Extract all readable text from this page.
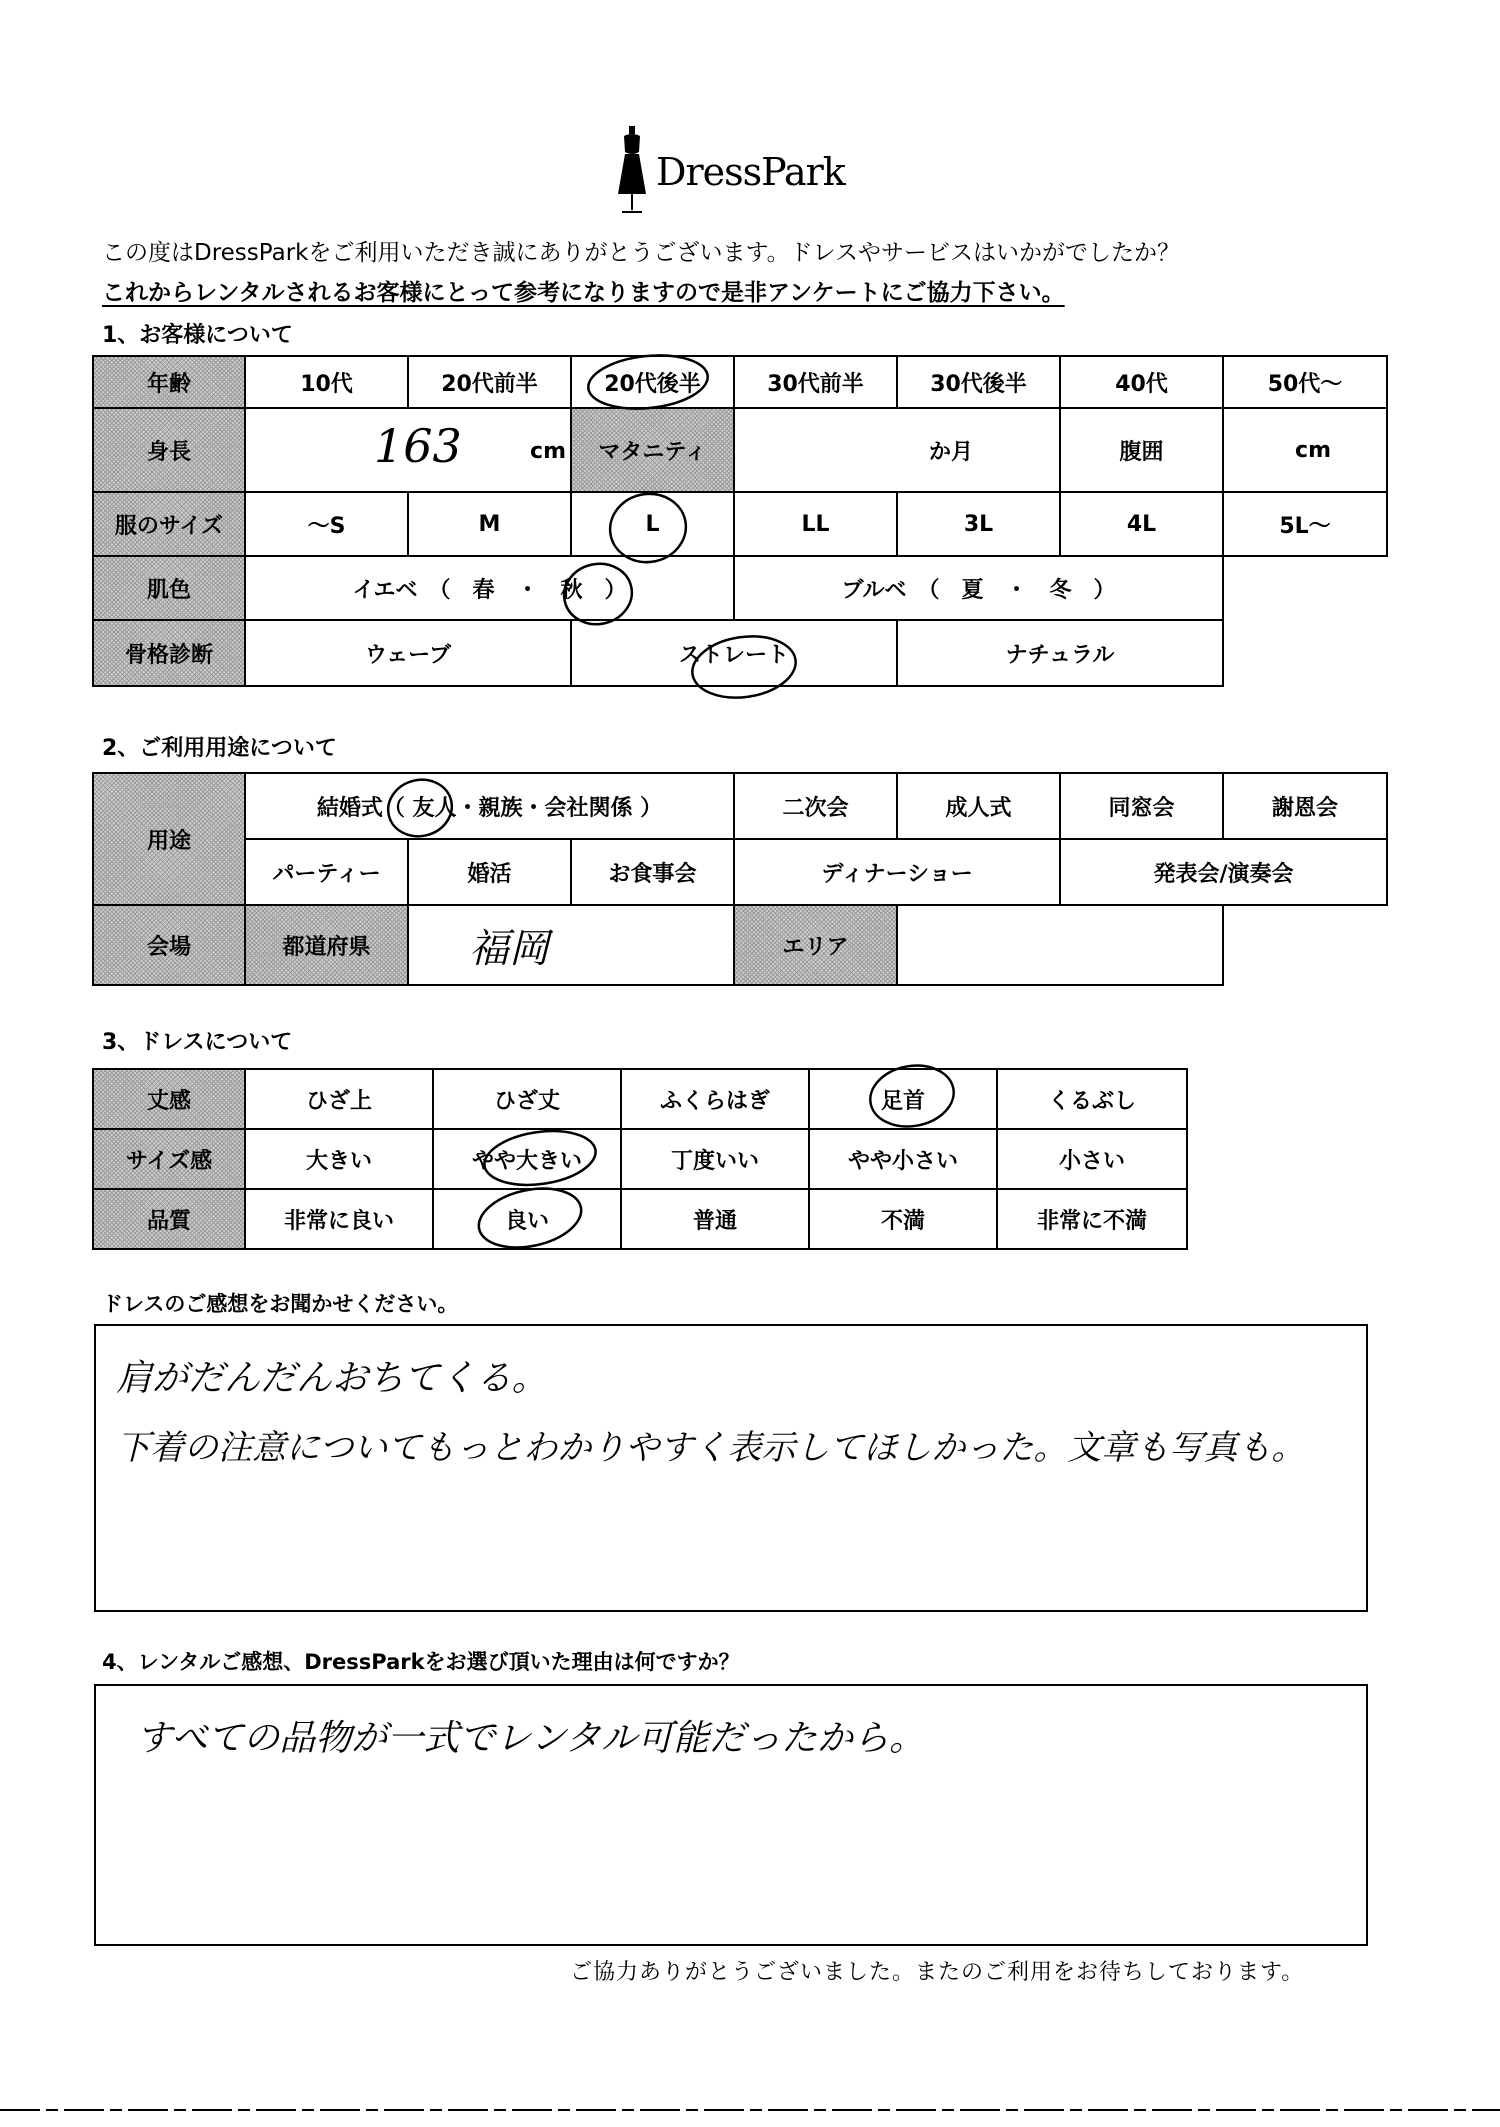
DressPark
この度はDressParkをご利用いただき誠にありがとうございます。ドレスやサービスはいかがでしたか？
これからレンタルされるお客様にとって参考になりますので是非アンケートにご協力下さい。
1、お客様について
年齢	10代	20代前半	20代後半	30代前半	30代後半	40代	50代～
身長	163 cm		マタニティ	か月		腹囲	cm
服のサイズ	～S	M	L	LL	3L	4L	5L～
肌色	イエベ　（　春　・　秋　）			ブルベ　（　夏　・　冬　）			
骨格診断	ウェーブ		ストレート		ナチュラル		
2、ご利用用途について
用途	結婚式（ 友人・親族・会社関係 ）			二次会	成人式	同窓会	謝恩会
	パーティー	婚活	お食事会	ディナーショー		発表会/演奏会	
会場	都道府県	福岡		エリア			
3、ドレスについて
丈感	ひざ上	ひざ丈	ふくらはぎ	足首	くるぶし
サイズ感	大きい	やや大きい	丁度いい	やや小さい	小さい
品質	非常に良い	良い	普通	不満	非常に不満
ドレスのご感想をお聞かせください。
肩がだんだんおちてくる。
下着の注意についてもっとわかりやすく表示してほしかった。文章も写真も。
4、レンタルご感想、DressParkをお選び頂いた理由は何ですか？
すべての品物が一式でレンタル可能だったから。
ご協力ありがとうございました。またのご利用をお待ちしております。
